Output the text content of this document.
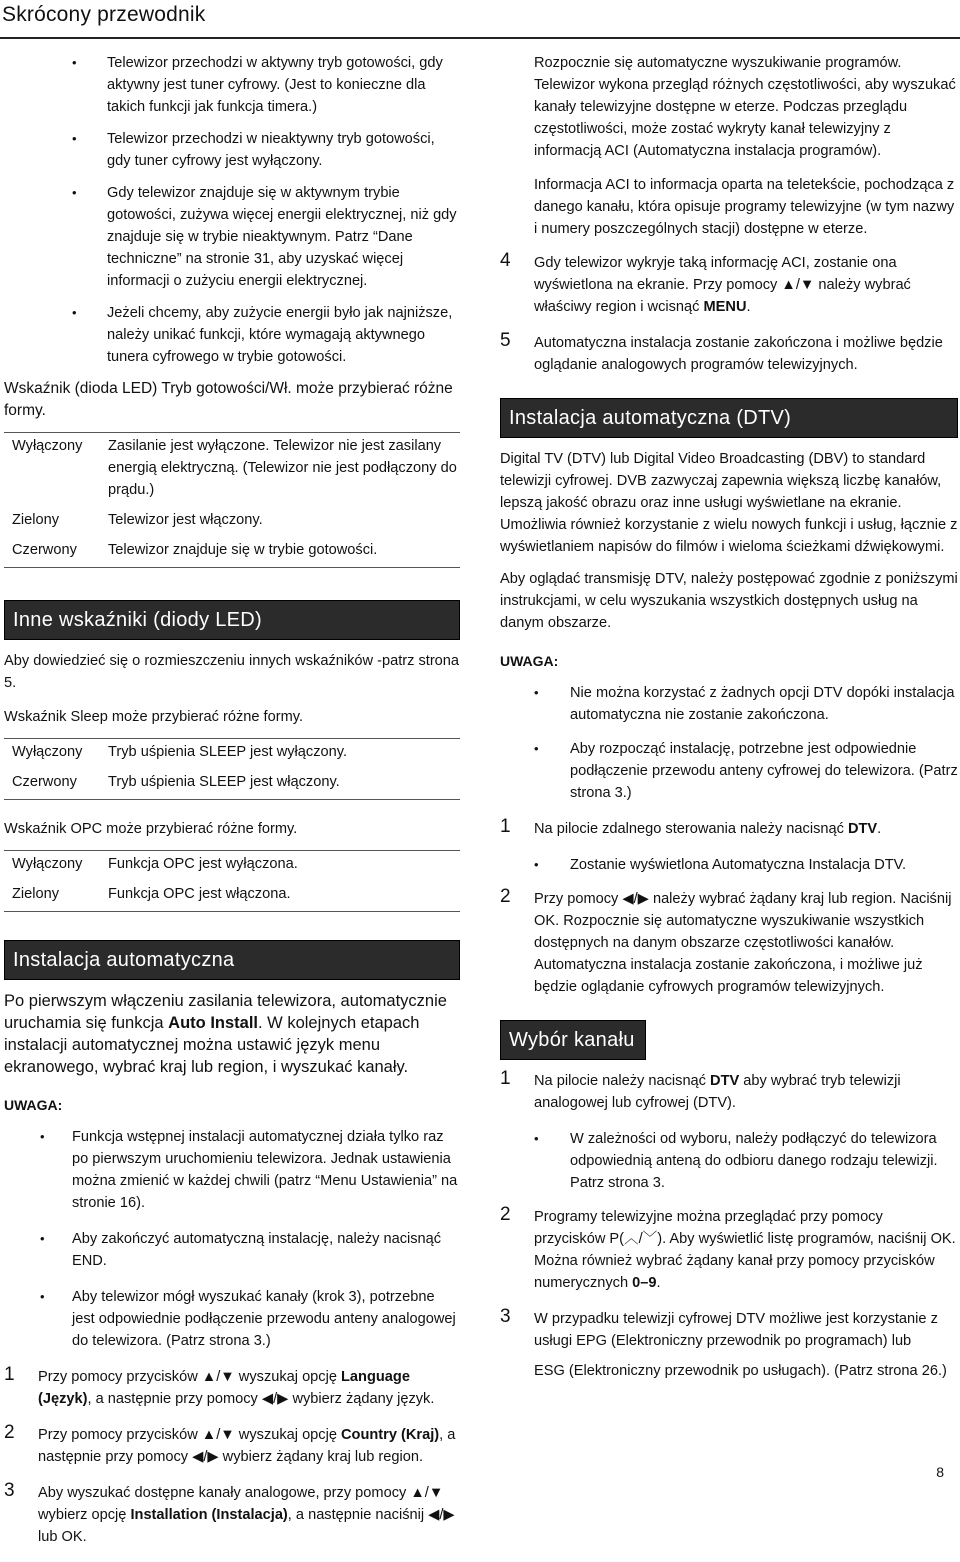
Skrócony przewodnik
• Telewizor przechodzi w aktywny tryb gotowości, gdy aktywny jest tuner cyfrowy. (Jest to konieczne dla takich funkcji jak funkcja timera.)
• Telewizor przechodzi w nieaktywny tryb gotowości, gdy tuner cyfrowy jest wyłączony.
• Gdy telewizor znajduje się w aktywnym trybie gotowości, zużywa więcej energii elektrycznej, niż gdy znajduje się w trybie nieaktywnym. Patrz “Dane techniczne” na stronie 31, aby uzyskać więcej informacji o zużyciu energii elektrycznej.
• Jeżeli chcemy, aby zużycie energii było jak najniższe, należy unikać funkcji, które wymagają aktywnego tunera cyfrowego w trybie gotowości.
Wskaźnik (dioda LED) Tryb gotowości/Wł. może przybierać różne formy.
Wyłączony	Zasilanie jest wyłączone. Telewizor nie jest zasilany energią elektryczną. (Telewizor nie jest podłączony do prądu.)
Zielony	Telewizor jest włączony.
Czerwony	Telewizor znajduje się w trybie gotowości.
Inne wskaźniki (diody LED)
Aby dowiedzieć się o rozmieszczeniu innych wskaźników -patrz strona 5.
Wskaźnik Sleep może przybierać różne formy.
Wyłączony	Tryb uśpienia SLEEP jest wyłączony.
Czerwony	Tryb uśpienia SLEEP jest włączony.
Wskaźnik OPC może przybierać różne formy.
Wyłączony	Funkcja OPC jest wyłączona.
Zielony	Funkcja OPC jest włączona.
Instalacja automatyczna
Po pierwszym włączeniu zasilania telewizora, automatycznie uruchamia się funkcja Auto Install. W kolejnych etapach instalacji automatycznej można ustawić język menu ekranowego, wybrać kraj lub region, i wyszukać kanały.
UWAGA:
• Funkcja wstępnej instalacji automatycznej działa tylko raz po pierwszym uruchomieniu telewizora. Jednak ustawienia można zmienić w każdej chwili (patrz “Menu Ustawienia” na stronie 16).
• Aby zakończyć automatyczną instalację, należy nacisnąć END.
• Aby telewizor mógł wyszukać kanały (krok 3), potrzebne jest odpowiednie podłączenie przewodu anteny analogowej do telewizora. (Patrz strona 3.)
1 Przy pomocy przycisków ▲/▼ wyszukaj opcję Language (Język), a następnie przy pomocy ◀/▶ wybierz żądany język.
2 Przy pomocy przycisków ▲/▼ wyszukaj opcję Country (Kraj), a następnie przy pomocy ◀/▶ wybierz żądany kraj lub region.
3 Aby wyszukać dostępne kanały analogowe, przy pomocy ▲/▼ wybierz opcję Installation (Instalacja), a następnie naciśnij ◀/▶ lub OK.
Rozpocznie się automatyczne wyszukiwanie programów. Telewizor wykona przegląd różnych częstotliwości, aby wyszukać kanały telewizyjne dostępne w eterze. Podczas przeglądu częstotliwości, może zostać wykryty kanał telewizyjny z informacją ACI (Automatyczna instalacja programów).
Informacja ACI to informacja oparta na teletekście, pochodząca z danego kanału, która opisuje programy telewizyjne (w tym nazwy i numery poszczególnych stacji) dostępne w eterze.
4 Gdy telewizor wykryje taką informację ACI, zostanie ona wyświetlona na ekranie. Przy pomocy ▲/▼ należy wybrać właściwy region i wcisnąć MENU.
5 Automatyczna instalacja zostanie zakończona i możliwe będzie oglądanie analogowych programów telewizyjnych.
Instalacja automatyczna (DTV)
Digital TV (DTV) lub Digital Video Broadcasting (DBV) to standard telewizji cyfrowej. DVB zazwyczaj zapewnia większą liczbę kanałów, lepszą jakość obrazu oraz inne usługi wyświetlane na ekranie. Umożliwia również korzystanie z wielu nowych funkcji i usług, łącznie z wyświetlaniem napisów do filmów i wieloma ścieżkami dźwiękowymi.
Aby oglądać transmisję DTV, należy postępować zgodnie z poniższymi instrukcjami, w celu wyszukania wszystkich dostępnych usług na danym obszarze.
UWAGA:
• Nie można korzystać z żadnych opcji DTV dopóki instalacja automatyczna nie zostanie zakończona.
• Aby rozpocząć instalację, potrzebne jest odpowiednie podłączenie przewodu anteny cyfrowej do telewizora. (Patrz strona 3.)
1 Na pilocie zdalnego sterowania należy nacisnąć DTV.
• Zostanie wyświetlona Automatyczna Instalacja DTV.
2 Przy pomocy ◀/▶ należy wybrać żądany kraj lub region. Naciśnij OK. Rozpocznie się automatyczne wyszukiwanie wszystkich dostępnych na danym obszarze częstotliwości kanałów. Automatyczna instalacja zostanie zakończona, i możliwe już będzie oglądanie cyfrowych programów telewizyjnych.
Wybór kanału
1 Na pilocie należy nacisnąć DTV aby wybrać tryb telewizji analogowej lub cyfrowej (DTV).
• W zależności od wyboru, należy podłączyć do telewizora odpowiednią anteną do odbioru danego rodzaju telewizji. Patrz strona 3.
2 Programy telewizyjne można przeglądać przy pomocy przycisków P(︿/﹀). Aby wyświetlić listę programów, naciśnij OK. Można również wybrać żądany kanał przy pomocy przycisków numerycznych 0–9.
3 W przypadku telewizji cyfrowej DTV możliwe jest korzystanie z usługi EPG (Elektroniczny przewodnik po programach) lub
ESG (Elektroniczny przewodnik po usługach). (Patrz strona 26.)
8
